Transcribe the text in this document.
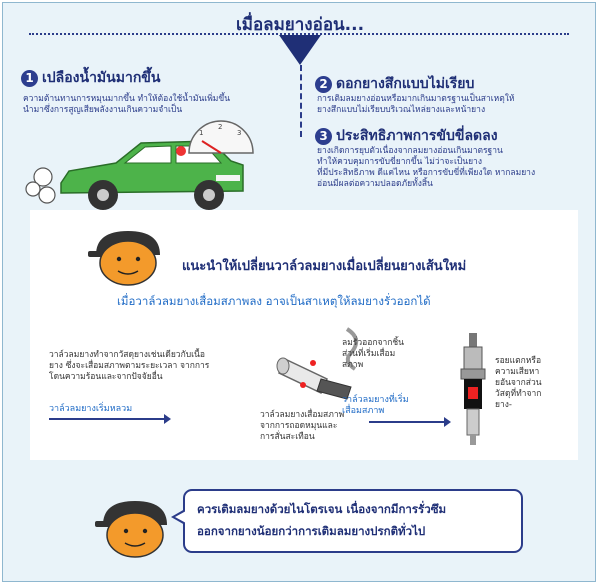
เมื่อลมยางอ่อน...
1 เปลืองน้ำมันมากขึ้น
ความต้านทานการหมุนมากขึ้น ทำให้ต้องใช้น้ำมันเพิ่มขึ้น
นำมาซึ่งการสูญเสียพลังงานเกินความจำเป็น
1
2
3
2 ดอกยางสึกแบบไม่เรียบ
การเติมลมยางอ่อนหรือมากเกินมาตรฐานเป็นสาเหตุให้
ยางสึกแบบไม่เรียบบริเวณไหล่ยางและหน้ายาง
3 ประสิทธิภาพการขับขี่ลดลง
ยางเกิดการยุบตัวเนื่องจากลมยางอ่อนเกินมาตรฐาน
ทำให้ควบคุมการขับขี่ยากขึ้น ไม่ว่าจะเป็นยาง
ที่มีประสิทธิภาพ ดีแค่ไหน หรือการขับขี่ที่เพียงใด หากลมยาง
อ่อนมีผลต่อความปลอดภัยทั้งสิ้น
แนะนำให้เปลี่ยนวาล์วลมยางเมื่อเปลี่ยนยางเส้นใหม่
เมื่อวาล์วลมยางเสื่อมสภาพลง อาจเป็นสาเหตุให้ลมยางรั่วออกได้
วาล์วลมยางทำจากวัสดุยางเช่นเดียวกับเนื้อ
ยาง ซึ่งจะเสื่อมสภาพตามระยะเวลา จากการ
โดนความร้อนและจากปัจจัยอื่น
วาล์วลมยางเริ่มหลวม
ลมรั่วออกจากชิ้น
ส่วนที่เริ่มเสื่อม
สภาพ
วาล์วลมยางเสื่อมสภาพ
จากการถอดหมุนและ
การสั่นสะเทือน
วาล์วลมยางที่เริ่ม
เสื่อมสภาพ
รอยแตกหรือ
ความเสียหา
ยอันจากส่วน
วัสดุที่ทำจาก
ยาง-
ควรเติมลมยางด้วยไนโตรเจน เนื่องจากมีการรั่วซึม
ออกจากยางน้อยกว่าการเติมลมยางปรกติทั่วไป
